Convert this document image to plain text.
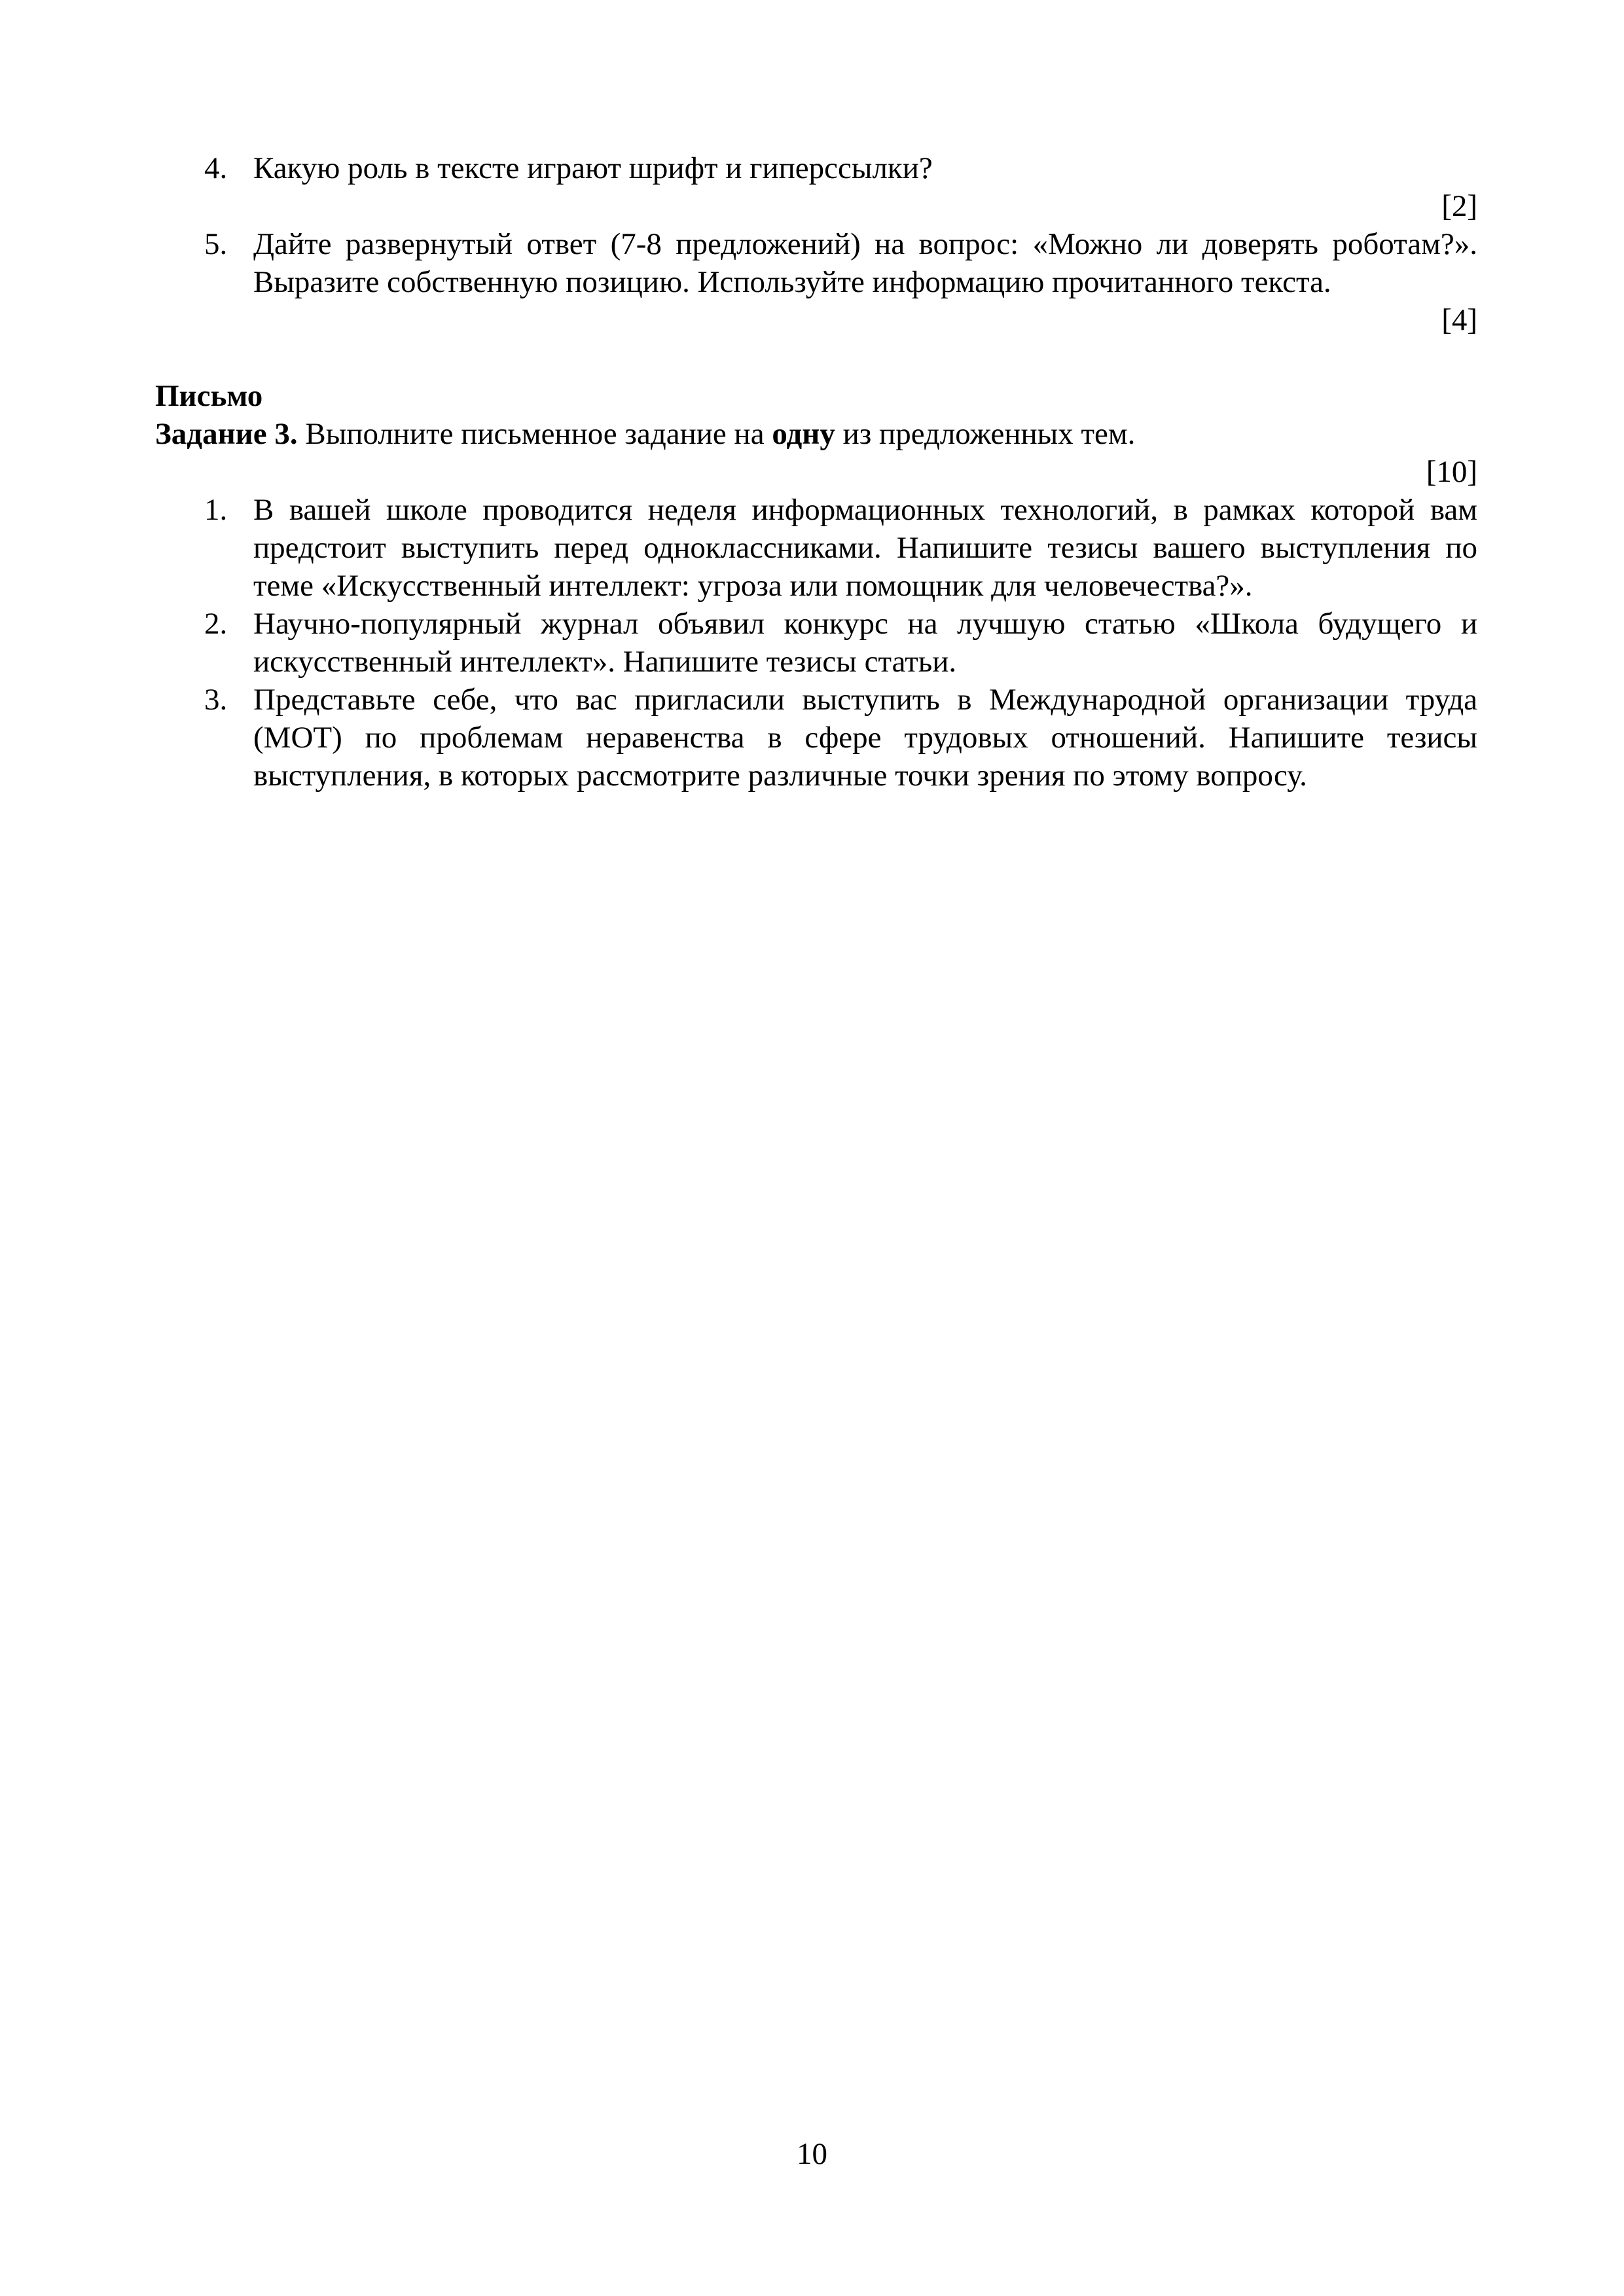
4. Какую роль в тексте играют шрифт и гиперссылки?
[2]
5. Дайте развернутый ответ (7-8 предложений) на вопрос: «Можно ли доверять роботам?». Выразите собственную позицию. Используйте информацию прочитанного текста.
[4]
Письмо
Задание 3. Выполните письменное задание на одну из предложенных тем.
[10]
1. В вашей школе проводится неделя информационных технологий, в рамках которой вам предстоит выступить перед одноклассниками. Напишите тезисы вашего выступления по теме «Искусственный интеллект: угроза или помощник для человечества?».
2. Научно-популярный журнал объявил конкурс на лучшую статью «Школа будущего и искусственный интеллект». Напишите тезисы статьи.
3. Представьте себе, что вас пригласили выступить в Международной организации труда (МОТ) по проблемам неравенства в сфере трудовых отношений. Напишите тезисы выступления, в которых рассмотрите различные точки зрения по этому вопросу.
10
